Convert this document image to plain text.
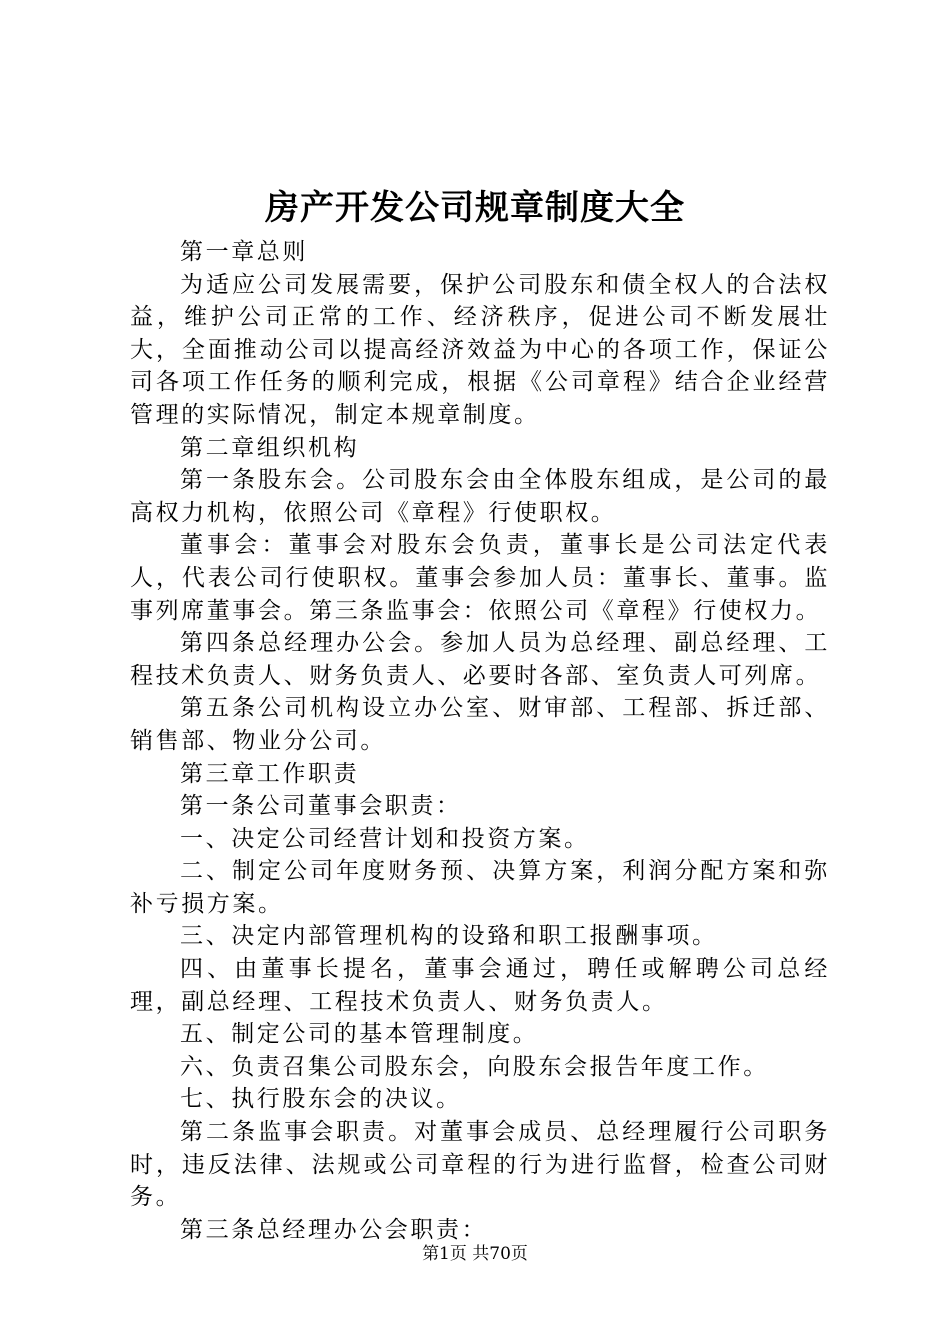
房产开发公司规章制度大全

第一章总则

为适应公司发展需要，保护公司股东和债全权人的合法权益，维护公司正常的工作、经济秩序，促进公司不断发展壮大，全面推动公司以提高经济效益为中心的各项工作，保证公司各项工作任务的顺利完成，根据《公司章程》结合企业经营管理的实际情况，制定本规章制度。

第二章组织机构

第一条股东会。公司股东会由全体股东组成，是公司的最高权力机构，依照公司《章程》行使职权。

董事会：董事会对股东会负责，董事长是公司法定代表人，代表公司行使职权。董事会参加人员：董事长、董事。监事列席董事会。第三条监事会：依照公司《章程》行使权力。

第四条总经理办公会。参加人员为总经理、副总经理、工程技术负责人、财务负责人、必要时各部、室负责人可列席。

第五条公司机构设立办公室、财审部、工程部、拆迁部、销售部、物业分公司。

第三章工作职责

第一条公司董事会职责：

一、决定公司经营计划和投资方案。

二、制定公司年度财务预、决算方案，利润分配方案和弥补亏损方案。

三、决定内部管理机构的设臵和职工报酬事项。

四、由董事长提名，董事会通过，聘任或解聘公司总经理，副总经理、工程技术负责人、财务负责人。

五、制定公司的基本管理制度。

六、负责召集公司股东会，向股东会报告年度工作。

七、执行股东会的决议。

第二条监事会职责。对董事会成员、总经理履行公司职务时，违反法律、法规或公司章程的行为进行监督，检查公司财务。

第三条总经理办公会职责：

第1页 共70页
